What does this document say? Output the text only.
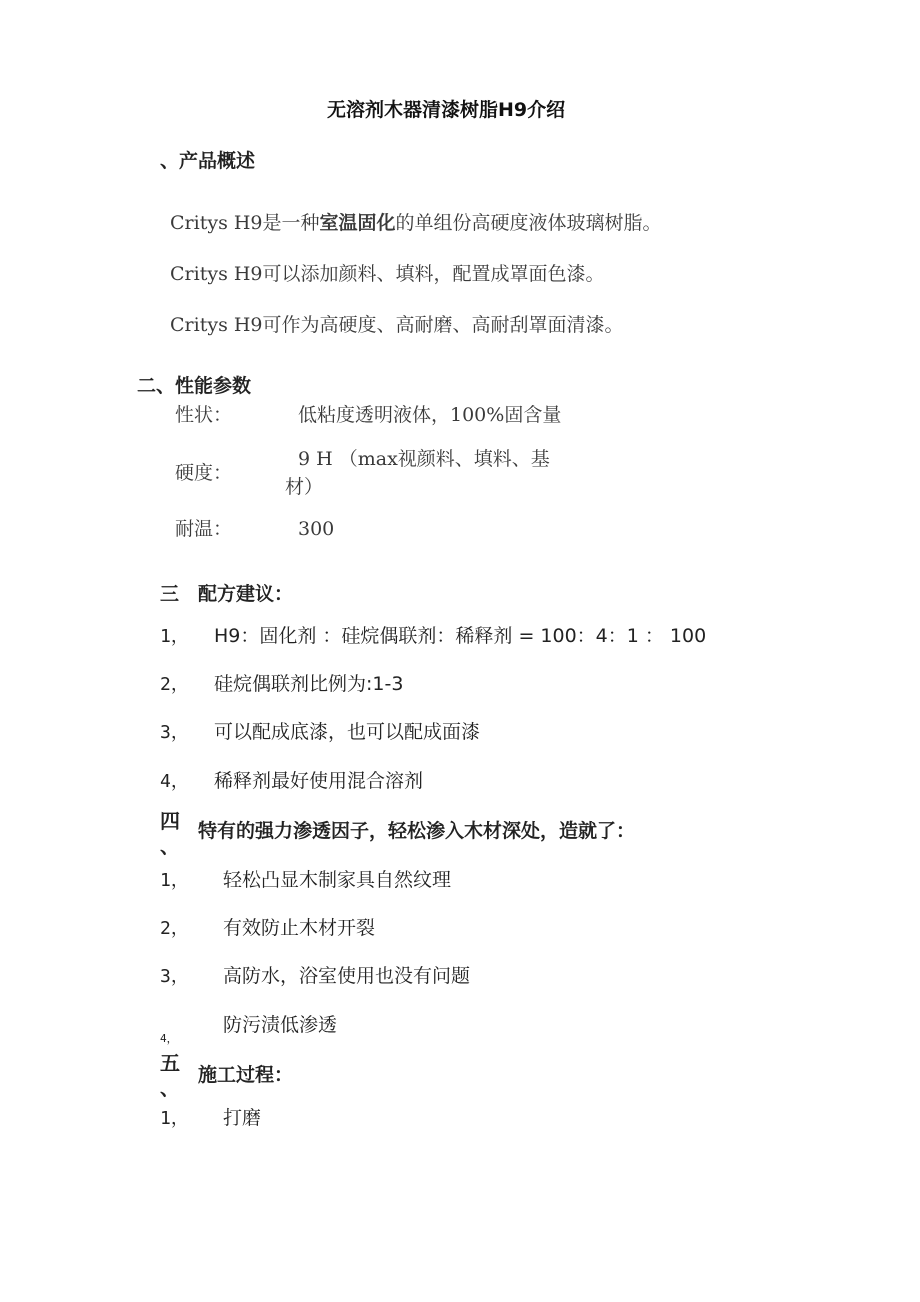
无溶剂木器清漆树脂H9介绍
、产品概述
Critys H9是一种室温固化的单组份高硬度液体玻璃树脂。
Critys H9可以添加颜料、填料，配置成罩面色漆。
Critys H9可作为高硬度、高耐磨、高耐刮罩面清漆。
二、性能参数
性状：	低粘度透明液体，100%固含量
硬度：
9 H （max视颜料、填料、基
材）
耐温：	300
三 配方建议：
1， H9：固化剂 ：硅烷偶联剂：稀释剂 = 100：4：1 ： 100
2， 硅烷偶联剂比例为:1-3
3， 可以配成底漆，也可以配成面漆
4， 稀释剂最好使用混合溶剂
四
、
特有的强力渗透因子，轻松渗入木材深处，造就了：
1， 轻松凸显木制家具自然纹理
2， 有效防止木材开裂
3， 高防水，浴室使用也没有问题
4，
防污渍低渗透
五
、
施工过程：
1， 打磨
